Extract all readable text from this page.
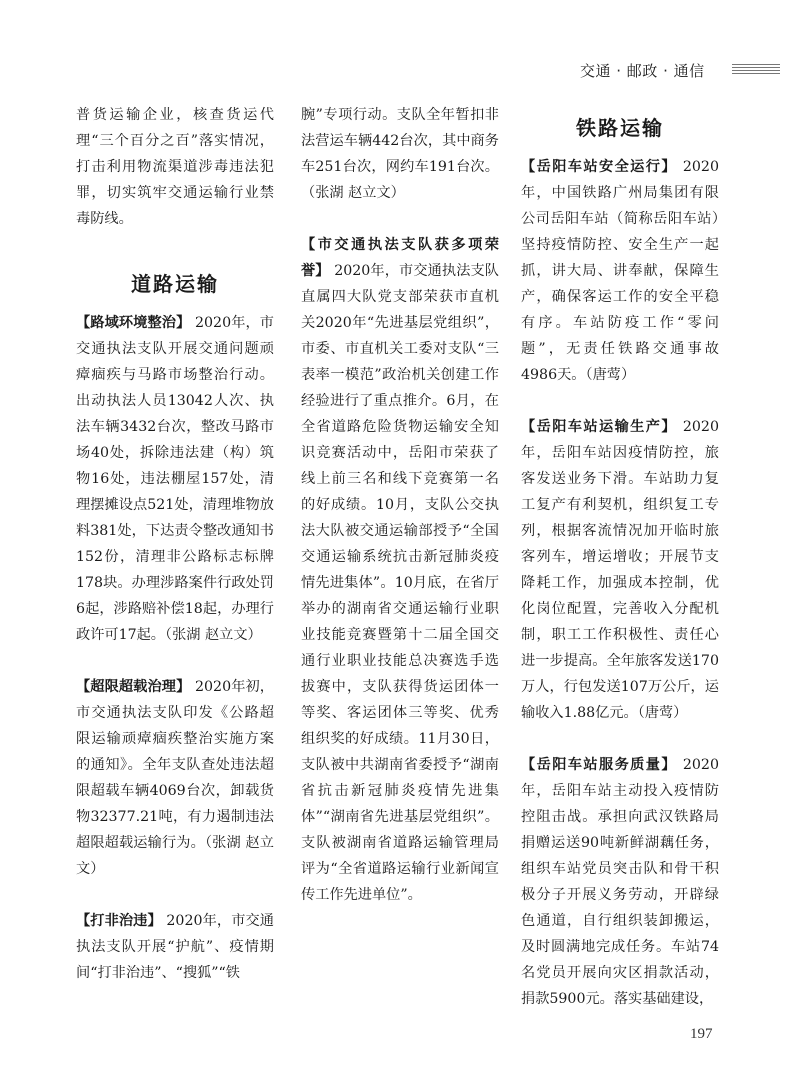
交通 · 邮政 · 通信

普货运输企业，核查货运代理“三个百分之百”落实情况，打击利用物流渠道涉毒违法犯罪，切实筑牢交通运输行业禁毒防线。

道路运输

【路域环境整治】 2020年，市交通执法支队开展交通问题顽瘴痼疾与马路市场整治行动。出动执法人员13042人次、执法车辆3432台次，整改马路市场40处，拆除违法建（构）筑物16处，违法棚屋157处，清理摆摊设点521处，清理堆物放料381处，下达责令整改通知书152份，清理非公路标志标牌178块。办理涉路案件行政处罚6起，涉路赔补偿18起，办理行政许可17起。（张湖 赵立文）

【超限超载治理】 2020年初，市交通执法支队印发《公路超限运输顽瘴痼疾整治实施方案的通知》。全年支队查处违法超限超载车辆4069台次，卸载货物32377.21吨，有力遏制违法超限超载运输行为。（张湖 赵立文）

【打非治违】 2020年，市交通执法支队开展“护航”、疫情期间“打非治违”、“搜狐”“铁

腕”专项行动。支队全年暂扣非法营运车辆442台次，其中商务车251台次，网约车191台次。（张湖 赵立文）

【市交通执法支队获多项荣誉】 2020年，市交通执法支队直属四大队党支部荣获市直机关2020年“先进基层党组织”，市委、市直机关工委对支队“三表率一模范”政治机关创建工作经验进行了重点推介。6月，在全省道路危险货物运输安全知识竞赛活动中，岳阳市荣获了线上前三名和线下竞赛第一名的好成绩。10月，支队公交执法大队被交通运输部授予“全国交通运输系统抗击新冠肺炎疫情先进集体”。10月底，在省厅举办的湖南省交通运输行业职业技能竞赛暨第十二届全国交通行业职业技能总决赛选手选拔赛中，支队获得货运团体一等奖、客运团体三等奖、优秀组织奖的好成绩。11月30日，支队被中共湖南省委授予“湖南省抗击新冠肺炎疫情先进集体”“湖南省先进基层党组织”。支队被湖南省道路运输管理局评为“全省道路运输行业新闻宣传工作先进单位”。

铁路运输

【岳阳车站安全运行】 2020年，中国铁路广州局集团有限公司岳阳车站（简称岳阳车站）坚持疫情防控、安全生产一起抓，讲大局、讲奉献，保障生产，确保客运工作的安全平稳有序。车站防疫工作“零问题”，无责任铁路交通事故4986天。（唐莺）

【岳阳车站运输生产】 2020年，岳阳车站因疫情防控，旅客发送业务下滑。车站助力复工复产有利契机，组织复工专列，根据客流情况加开临时旅客列车，增运增收；开展节支降耗工作，加强成本控制，优化岗位配置，完善收入分配机制，职工工作积极性、责任心进一步提高。全年旅客发送170万人，行包发送107万公斤，运输收入1.88亿元。（唐莺）

【岳阳车站服务质量】 2020年，岳阳车站主动投入疫情防控阻击战。承担向武汉铁路局捐赠运送90吨新鲜湖藕任务，组织车站党员突击队和骨干积极分子开展义务劳动，开辟绿色通道，自行组织装卸搬运，及时圆满地完成任务。车站74名党员开展向灾区捐款活动，捐款5900元。落实基础建设，

197
